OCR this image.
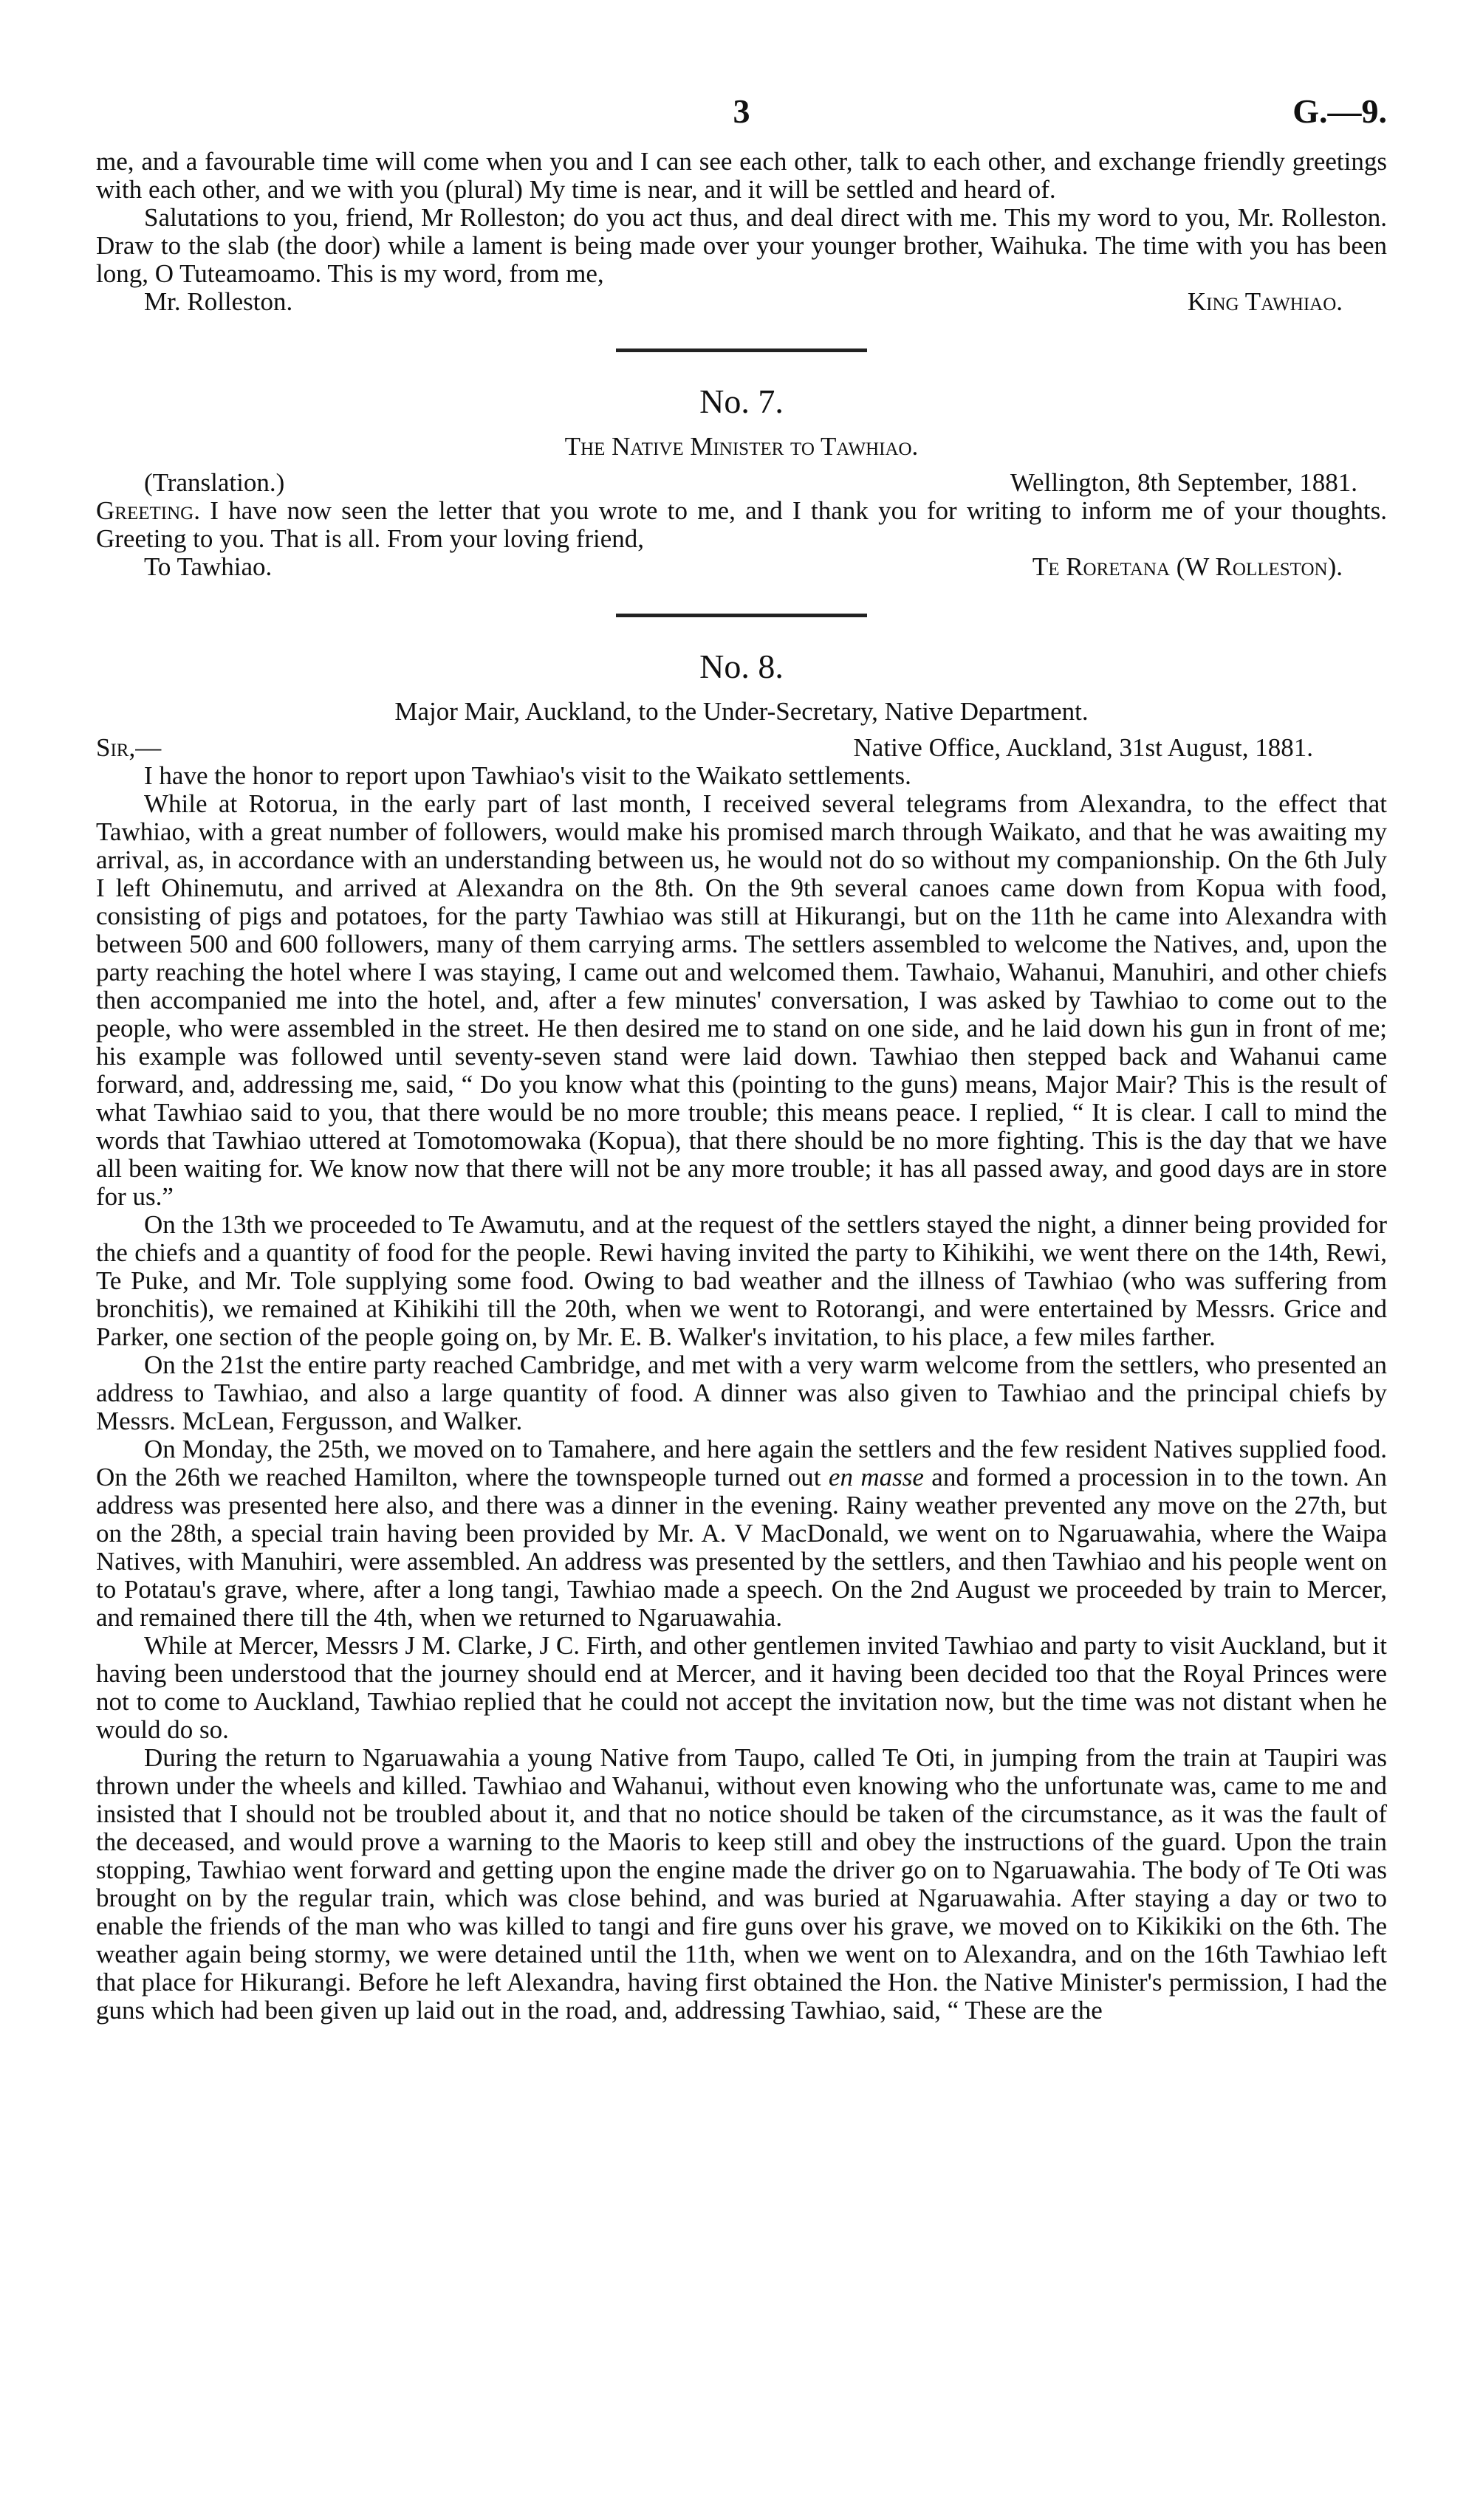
3	G.—9.

me, and a favourable time will come when you and I can see each other, talk to each other, and exchange friendly greetings with each other, and we with you (plural) My time is near, and it will be settled and heard of.

Salutations to you, friend, Mr Rolleston; do you act thus, and deal direct with me. This my word to you, Mr. Rolleston. Draw to the slab (the door) while a lament is being made over your younger brother, Waihuka. The time with you has been long, O Tuteamoamo. This is my word, from me,

Mr. Rolleston.	King Tawhiao.
No. 7.
The Native Minister to Tawhiao.
(Translation.)	Wellington, 8th September, 1881.

Greeting. I have now seen the letter that you wrote to me, and I thank you for writing to inform me of your thoughts. Greeting to you. That is all. From your loving friend,

To Tawhiao.	Te Roretana (W Rolleston).
No. 8.
Major Mair, Auckland, to the Under-Secretary, Native Department.
Sir,—	Native Office, Auckland, 31st August, 1881.

I have the honor to report upon Tawhiao's visit to the Waikato settlements.

While at Rotorua, in the early part of last month, I received several telegrams from Alexandra, to the effect that Tawhiao, with a great number of followers, would make his promised march through Waikato, and that he was awaiting my arrival, as, in accordance with an understanding between us, he would not do so without my companionship. On the 6th July I left Ohinemutu, and arrived at Alexandra on the 8th. On the 9th several canoes came down from Kopua with food, consisting of pigs and potatoes, for the party Tawhiao was still at Hikurangi, but on the 11th he came into Alexandra with between 500 and 600 followers, many of them carrying arms. The settlers assembled to welcome the Natives, and, upon the party reaching the hotel where I was staying, I came out and welcomed them. Tawhaio, Wahanui, Manuhiri, and other chiefs then accompanied me into the hotel, and, after a few minutes' conversation, I was asked by Tawhiao to come out to the people, who were assembled in the street. He then desired me to stand on one side, and he laid down his gun in front of me; his example was followed until seventy-seven stand were laid down. Tawhiao then stepped back and Wahanui came forward, and, addressing me, said, “ Do you know what this (pointing to the guns) means, Major Mair? This is the result of what Tawhiao said to you, that there would be no more trouble; this means peace. I replied, “ It is clear. I call to mind the words that Tawhiao uttered at Tomotomowaka (Kopua), that there should be no more fighting. This is the day that we have all been waiting for. We know now that there will not be any more trouble; it has all passed away, and good days are in store for us.”

On the 13th we proceeded to Te Awamutu, and at the request of the settlers stayed the night, a dinner being provided for the chiefs and a quantity of food for the people. Rewi having invited the party to Kihikihi, we went there on the 14th, Rewi, Te Puke, and Mr. Tole supplying some food. Owing to bad weather and the illness of Tawhiao (who was suffering from bronchitis), we remained at Kihikihi till the 20th, when we went to Rotorangi, and were entertained by Messrs. Grice and Parker, one section of the people going on, by Mr. E. B. Walker's invitation, to his place, a few miles farther.

On the 21st the entire party reached Cambridge, and met with a very warm welcome from the settlers, who presented an address to Tawhiao, and also a large quantity of food. A dinner was also given to Tawhiao and the principal chiefs by Messrs. McLean, Fergusson, and Walker.

On Monday, the 25th, we moved on to Tamahere, and here again the settlers and the few resident Natives supplied food. On the 26th we reached Hamilton, where the townspeople turned out en masse and formed a procession in to the town. An address was presented here also, and there was a dinner in the evening. Rainy weather prevented any move on the 27th, but on the 28th, a special train having been provided by Mr. A. V MacDonald, we went on to Ngaruawahia, where the Waipa Natives, with Manuhiri, were assembled. An address was presented by the settlers, and then Tawhiao and his people went on to Potatau's grave, where, after a long tangi, Tawhiao made a speech. On the 2nd August we proceeded by train to Mercer, and remained there till the 4th, when we returned to Ngaruawahia.

While at Mercer, Messrs J M. Clarke, J C. Firth, and other gentlemen invited Tawhiao and party to visit Auckland, but it having been understood that the journey should end at Mercer, and it having been decided too that the Royal Princes were not to come to Auckland, Tawhiao replied that he could not accept the invitation now, but the time was not distant when he would do so.

During the return to Ngaruawahia a young Native from Taupo, called Te Oti, in jumping from the train at Taupiri was thrown under the wheels and killed. Tawhiao and Wahanui, without even knowing who the unfortunate was, came to me and insisted that I should not be troubled about it, and that no notice should be taken of the circumstance, as it was the fault of the deceased, and would prove a warning to the Maoris to keep still and obey the instructions of the guard. Upon the train stopping, Tawhiao went forward and getting upon the engine made the driver go on to Ngaruawahia. The body of Te Oti was brought on by the regular train, which was close behind, and was buried at Ngaruawahia. After staying a day or two to enable the friends of the man who was killed to tangi and fire guns over his grave, we moved on to Kikikiki on the 6th. The weather again being stormy, we were detained until the 11th, when we went on to Alexandra, and on the 16th Tawhiao left that place for Hikurangi. Before he left Alexandra, having first obtained the Hon. the Native Minister's permission, I had the guns which had been given up laid out in the road, and, addressing Tawhiao, said, “ These are the
